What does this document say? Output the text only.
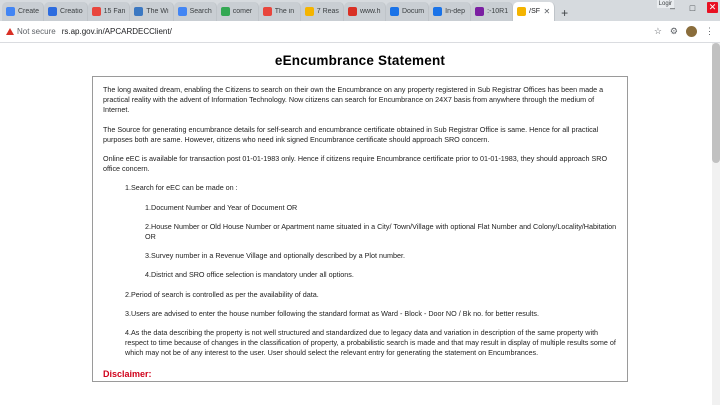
Create	Creatio	15 Fan	The Wi	Search	comer	The in	7 Reas	www.h	Docum	In-dep	:-10R1	/SF ✕ +
Logir
–	□	✕
Not secure rs.ap.gov.in/APCARDECClient/	☆ ⚙	⋮
eEncumbrance Statement

The long awaited dream, enabling the Citizens to search on their own the Encumbrance on any property registered in Sub Registrar Offices has been made a practical reality with the advent of Information Technology. Now citizens can search for Encumbrance on 24X7 basis from anywhere through the medium of Internet.

The Source for generating encumbrance details for self-search and encumbrance certificate obtained in Sub Registrar Office is same. Hence for all practical purposes both are same. However, citizens who need ink signed Encumbrance certificate should approach SRO concern.

Online eEC is available for transaction post 01-01-1983 only. Hence if citizens require Encumbrance certificate prior to 01-01-1983, they should approach SRO office concern.

1.Search for eEC can be made on :
1.Document Number and Year of Document OR
2.House Number or Old House Number or Apartment name situated in a City/ Town/Village with optional Flat Number and Colony/Locality/Habitation OR
3.Survey number in a Revenue Village and optionally described by a Plot number.
4.District and SRO office selection is mandatory under all options.
2.Period of search is controlled as per the availability of data.
3.Users are advised to enter the house number following the standard format as Ward - Block - Door NO / Bk no. for better results.
4.As the data describing the property is not well structured and standardized due to legacy data and variation in description of the same property with respect to time because of changes in the classification of property, a probabilistic search is made and that may result in display of multiple results some of which may not be of any interest to the user. User should select the relevant entry for generating the statement on Encumbrances.
Disclaimer:
